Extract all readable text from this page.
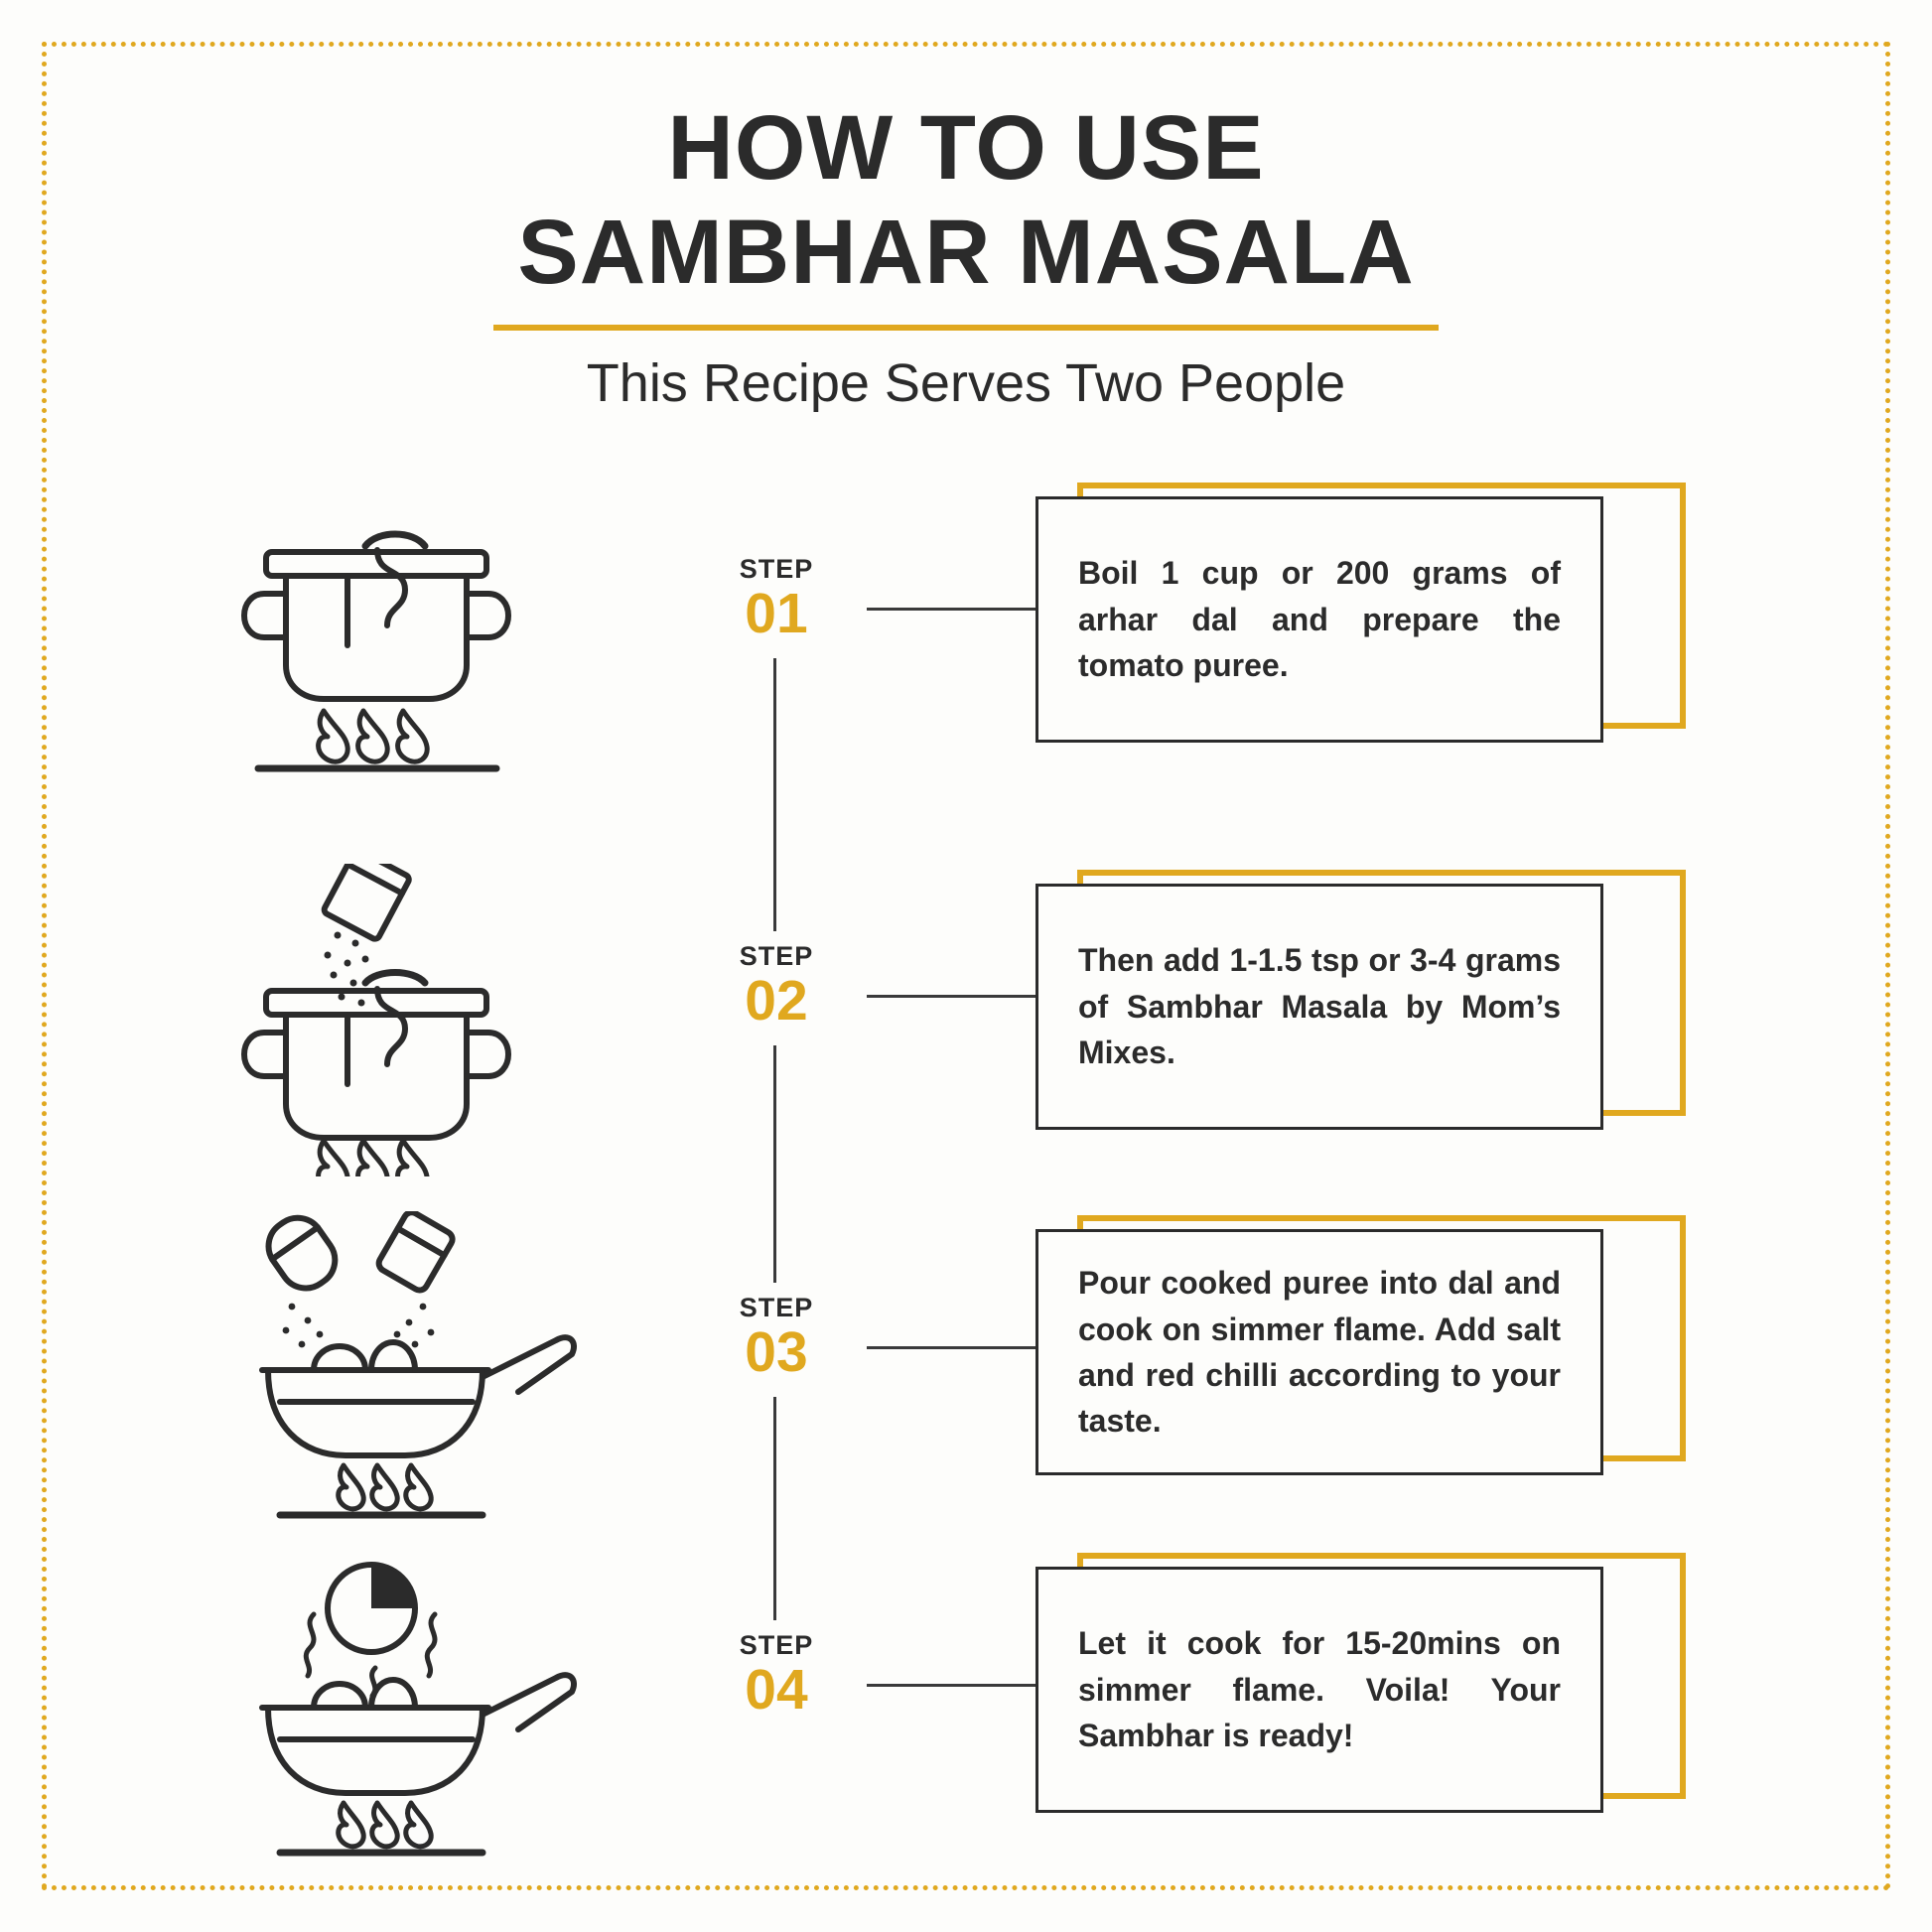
HOW TO USE
SAMBHAR MASALA
This Recipe Serves Two People
STEP
01

Boil 1 cup or 200 grams of arhar dal and prepare the tomato puree.

STEP
02

Then add 1-1.5 tsp or 3-4 grams of Sambhar Masala by Mom’s Mixes.

STEP
03

Pour cooked puree into dal and cook on simmer flame. Add salt and red chilli according to your taste.

STEP
04

Let it cook for 15-20mins on simmer flame. Voila! Your Sambhar is ready!
